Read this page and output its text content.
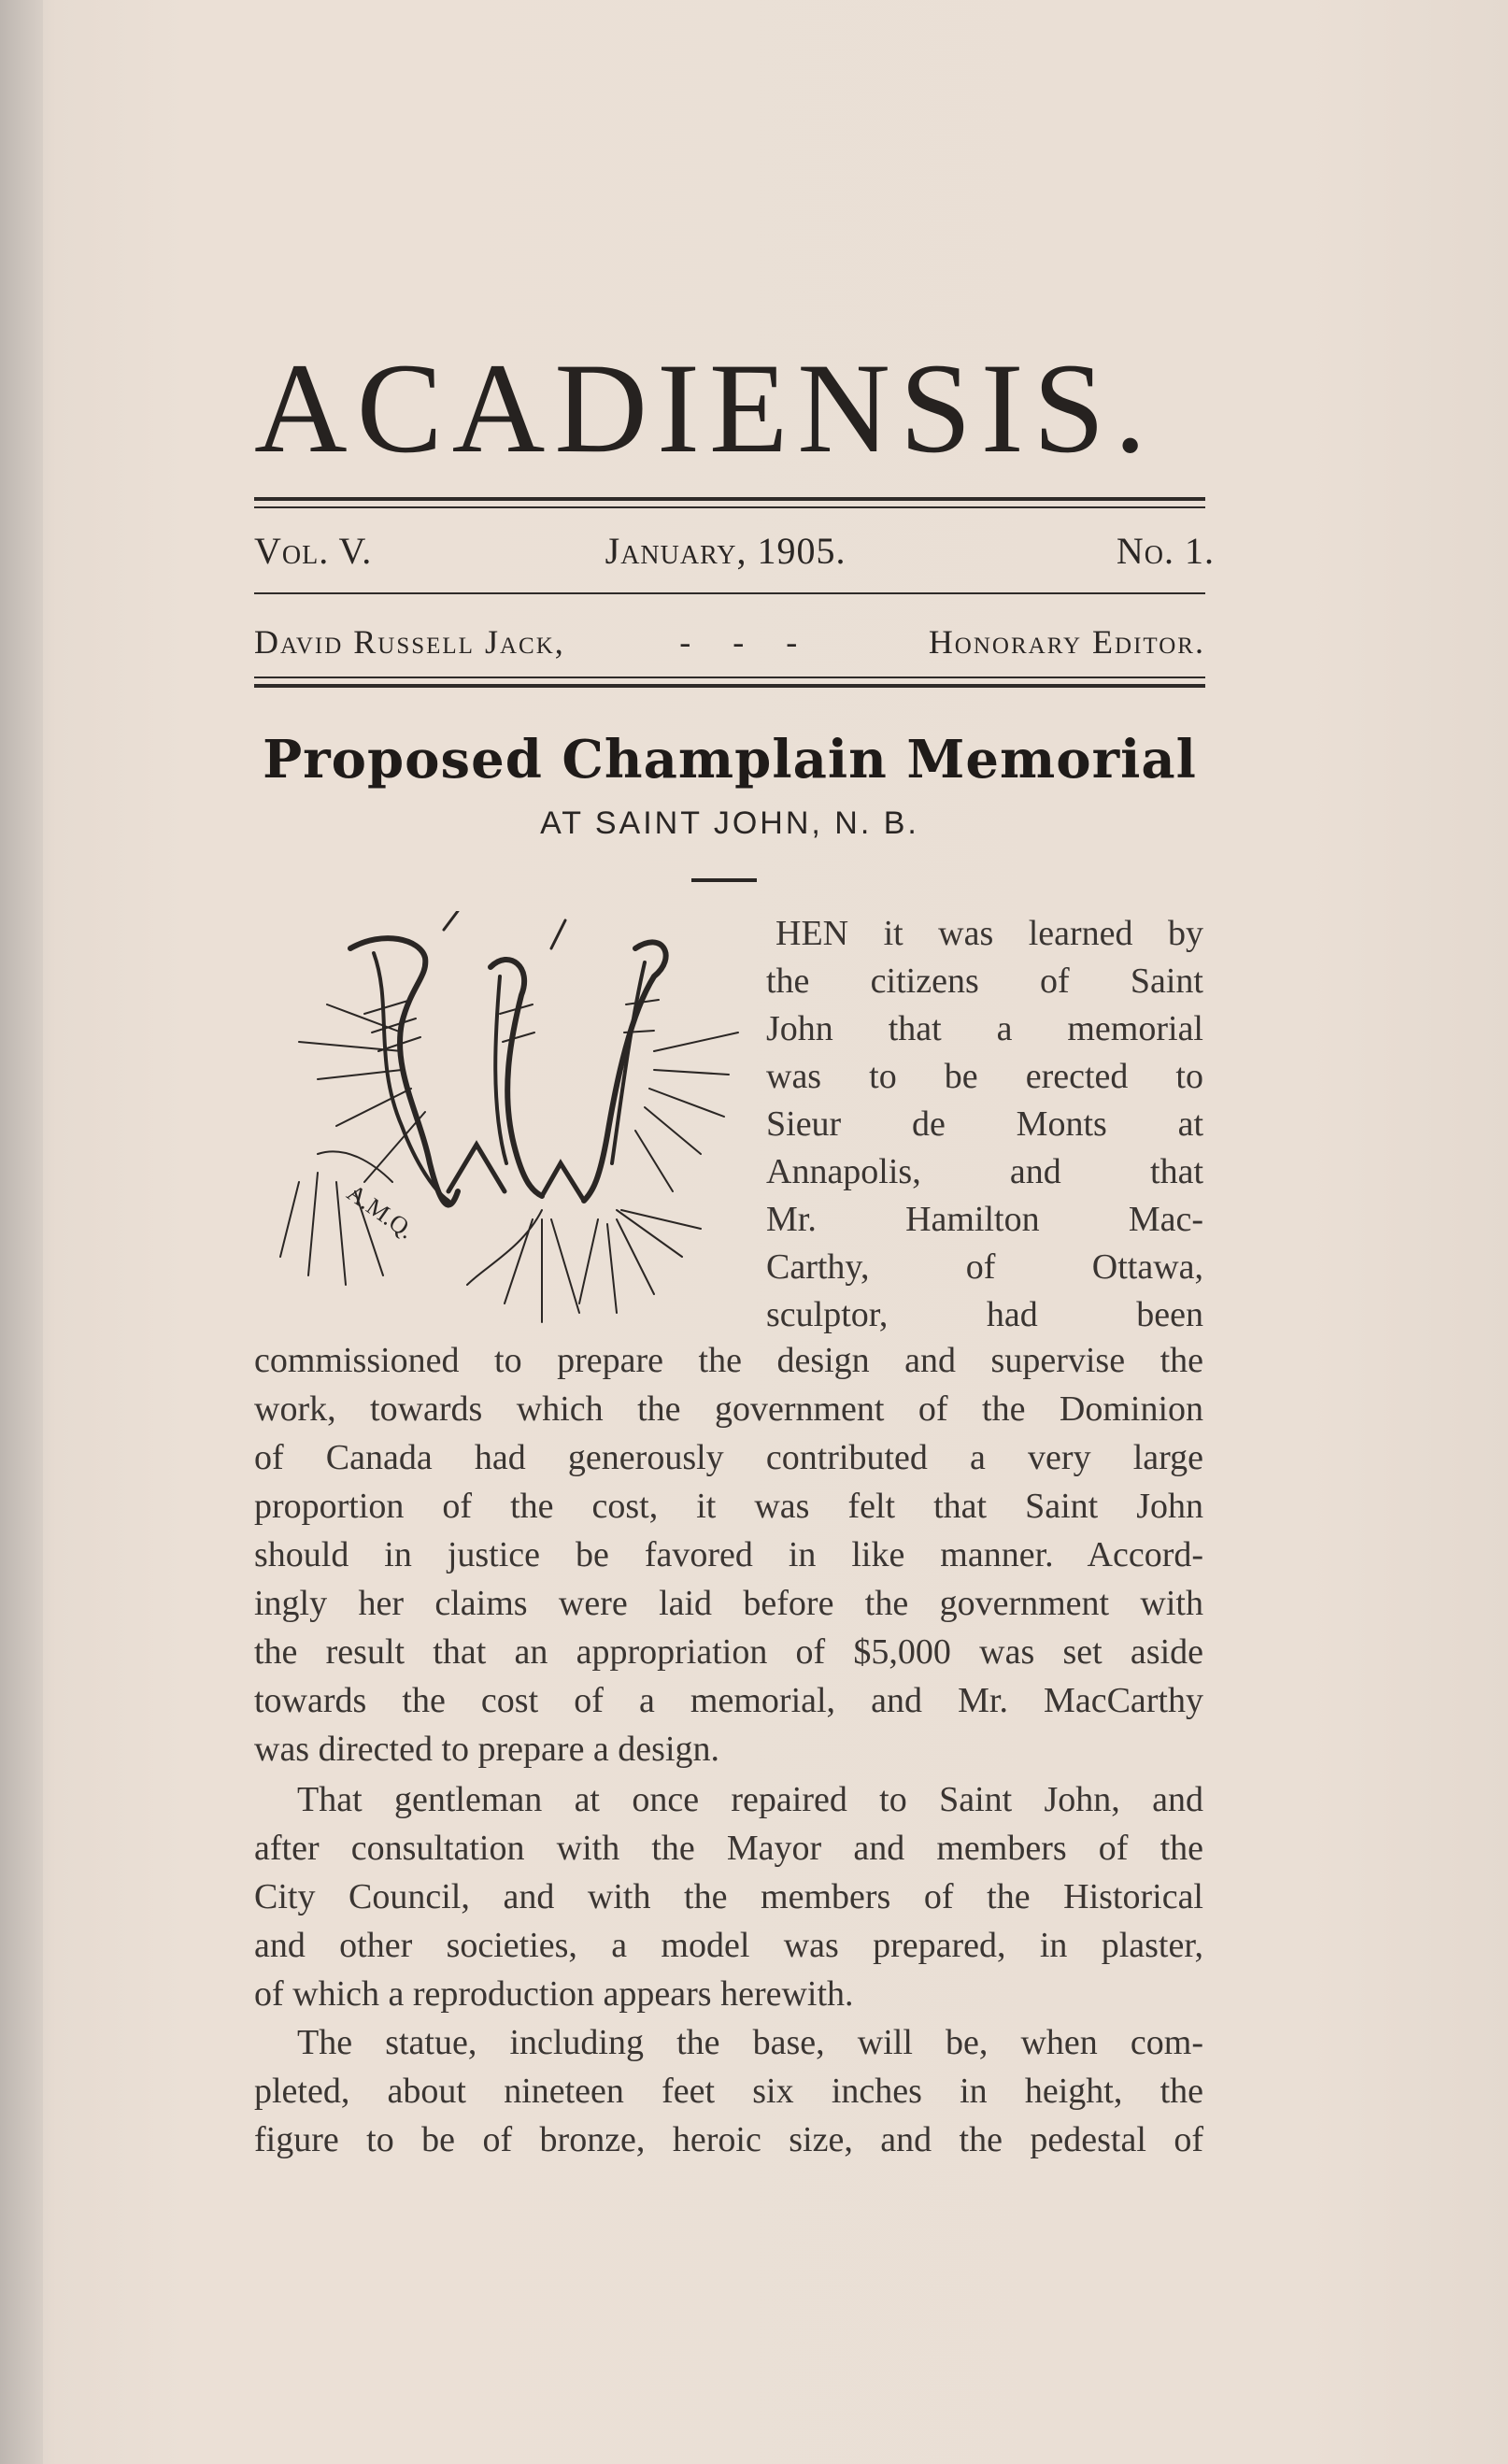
ACADIENSIS.
Vol. V.	January, 1905.	No. 1.
David Russell Jack,	- - -	Honorary Editor.
Proposed Champlain Memorial
AT SAINT JOHN, N. B.
A.M.Q.
HEN it was learned by
the citizens of Saint
John that a memorial
was to be erected to
Sieur de Monts at
Annapolis, and that
Mr. Hamilton Mac-
Carthy, of Ottawa,
sculptor, had been
commissioned to prepare the design and supervise the
work, towards which the government of the Dominion
of Canada had generously contributed a very large
proportion of the cost, it was felt that Saint John
should in justice be favored in like manner. Accord-
ingly her claims were laid before the government with
the result that an appropriation of $5,000 was set aside
towards the cost of a memorial, and Mr. MacCarthy
was directed to prepare a design.
That gentleman at once repaired to Saint John, and
after consultation with the Mayor and members of the
City Council, and with the members of the Historical
and other societies, a model was prepared, in plaster,
of which a reproduction appears herewith.
The statue, including the base, will be, when com-
pleted, about nineteen feet six inches in height, the
figure to be of bronze, heroic size, and the pedestal of
